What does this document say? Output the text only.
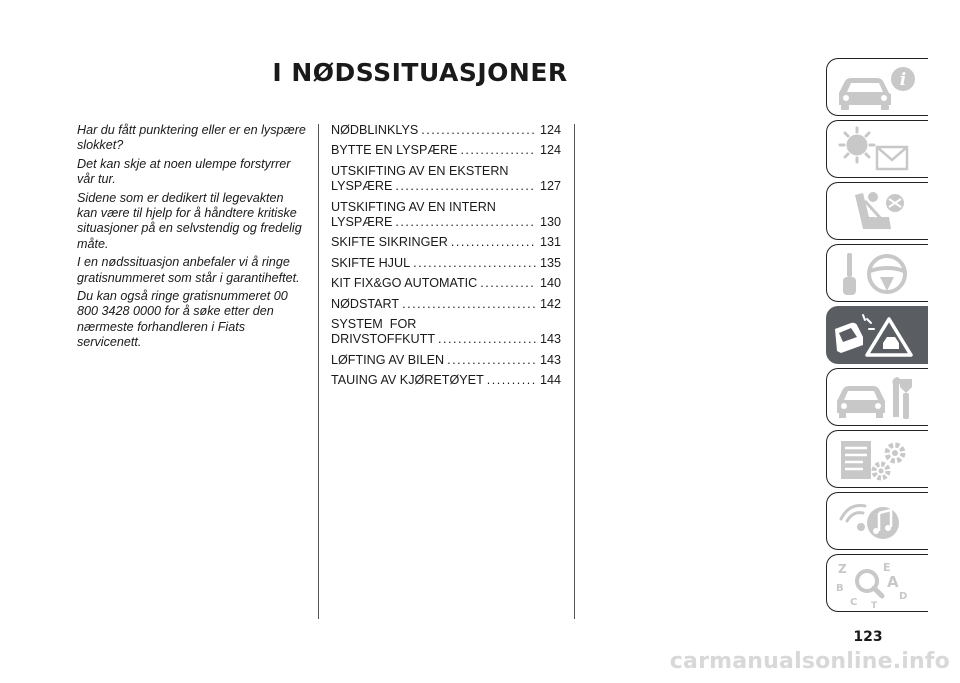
I NØDSSITUASJONER

Har du fått punktering eller er en lyspære slokket?

Det kan skje at noen ulempe forstyrrer vår tur.

Sidene som er dedikert til legevakten kan være til hjelp for å håndtere kritiske situasjoner på en selvstendig og fredelig måte.

I en nødssituasjon anbefaler vi å ringe gratisnummeret som står i garantiheftet.

Du kan også ringe gratisnummeret 00 800 3428 0000 for å søke etter den nærmeste forhandleren i Fiats servicenett.

NØDBLINKLYS .....	124
BYTTE EN LYSPÆRE .....	124
UTSKIFTING AV EN EKSTERN
LYSPÆRE .....	127
UTSKIFTING AV EN INTERN
LYSPÆRE .....	130
SKIFTE SIKRINGER .....	131
SKIFTE HJUL .....	135
KIT FIX&GO AUTOMATIC .....	140
NØDSTART .....	142
SYSTEM  FOR
DRIVSTOFFKUTT .....	143
LØFTING AV BILEN .....	143
TAUING AV KJØRETØYET .....	144
i
Z	E
A
B
D
C T
123
carmanualsonline.info
